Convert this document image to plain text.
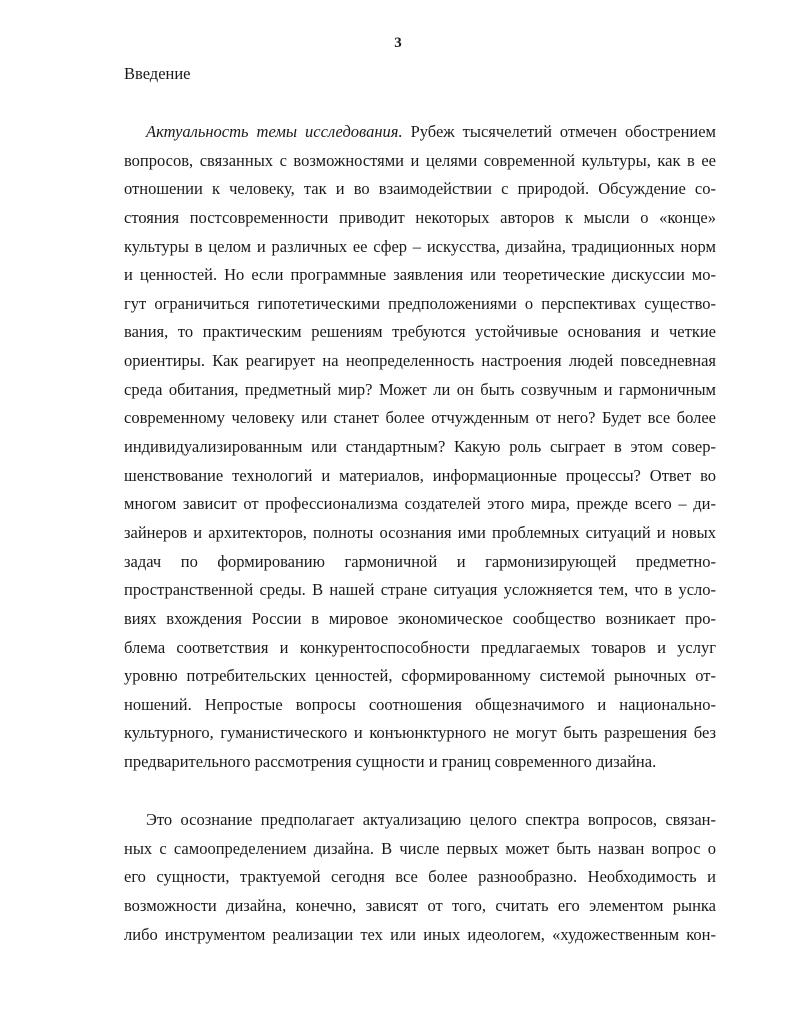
3
Введение
Актуальность темы исследования. Рубеж тысячелетий отмечен обострением
вопросов, связанных с возможностями и целями современной культуры, как в ее
отношении к человеку, так и во взаимодействии с природой. Обсуждение со-
стояния постсовременности приводит некоторых авторов к мысли о «конце»
культуры в целом и различных ее сфер – искусства, дизайна, традиционных норм
и ценностей. Но если программные заявления или теоретические дискуссии мо-
гут ограничиться гипотетическими предположениями о перспективах существо-
вания, то практическим решениям требуются устойчивые основания и четкие
ориентиры. Как реагирует на неопределенность настроения людей повседневная
среда обитания, предметный мир? Может ли он быть созвучным и гармоничным
современному человеку или станет более отчужденным от него? Будет все более
индивидуализированным или стандартным? Какую роль сыграет в этом совер-
шенствование технологий и материалов, информационные процессы? Ответ во
многом зависит от профессионализма создателей этого мира, прежде всего – ди-
зайнеров и архитекторов, полноты осознания ими проблемных ситуаций и новых
задач по формированию гармоничной и гармонизирующей предметно-
пространственной среды. В нашей стране ситуация усложняется тем, что в усло-
виях вхождения России в мировое экономическое сообщество возникает про-
блема соответствия и конкурентоспособности предлагаемых товаров и услуг
уровню потребительских ценностей, сформированному системой рыночных от-
ношений. Непростые вопросы соотношения общезначимого и национально-
культурного, гуманистического и конъюнктурного не могут быть разрешения без
предварительного рассмотрения сущности и границ современного дизайна.
Это осознание предполагает актуализацию целого спектра вопросов, связан-
ных с самоопределением дизайна. В числе первых может быть назван вопрос о
его сущности, трактуемой сегодня все более разнообразно. Необходимость и
возможности дизайна, конечно, зависят от того, считать его элементом рынка
либо инструментом реализации тех или иных идеологем, «художественным кон-
